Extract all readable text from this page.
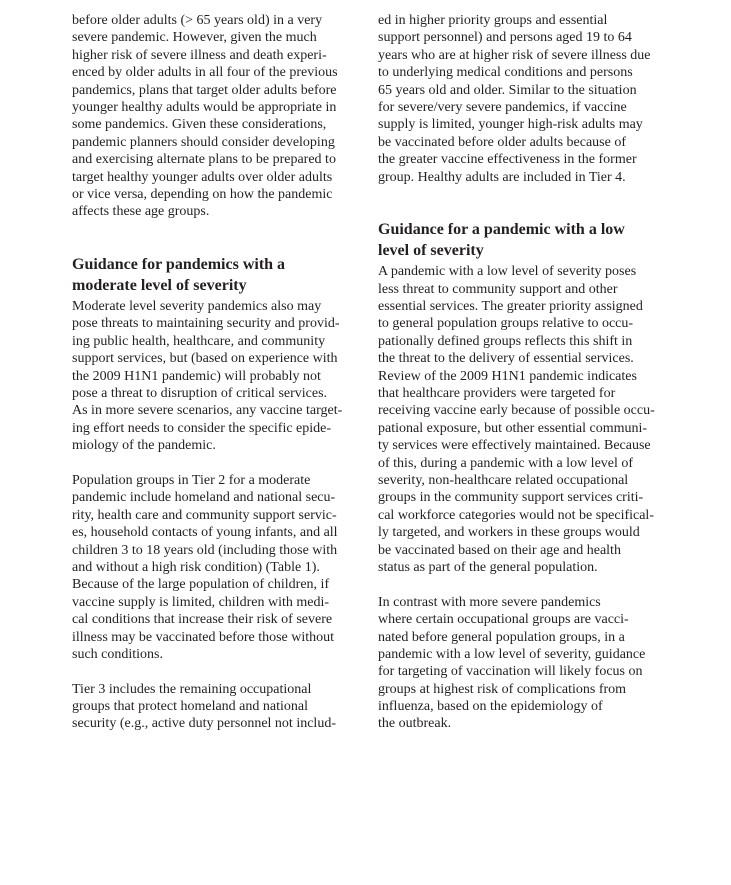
before older adults (> 65 years old) in a very
severe pandemic. However, given the much
higher risk of severe illness and death experi-
enced by older adults in all four of the previous
pandemics, plans that target older adults before
younger healthy adults would be appropriate in
some pandemics. Given these considerations,
pandemic planners should consider developing
and exercising alternate plans to be prepared to
target healthy younger adults over older adults
or vice versa, depending on how the pandemic
affects these age groups.
Guidance for pandemics with a
moderate level of severity
Moderate level severity pandemics also may
pose threats to maintaining security and provid-
ing public health, healthcare, and community
support services, but (based on experience with
the 2009 H1N1 pandemic) will probably not
pose a threat to disruption of critical services.
As in more severe scenarios, any vaccine target-
ing effort needs to consider the specific epide-
miology of the pandemic.
Population groups in Tier 2 for a moderate
pandemic include homeland and national secu-
rity, health care and community support servic-
es, household contacts of young infants, and all
children 3 to 18 years old (including those with
and without a high risk condition) (Table 1).
Because of the large population of children, if
vaccine supply is limited, children with medi-
cal conditions that increase their risk of severe
illness may be vaccinated before those without
such conditions.
Tier 3 includes the remaining occupational
groups that protect homeland and national
security (e.g., active duty personnel not includ-
ed in higher priority groups and essential
support personnel) and persons aged 19 to 64
years who are at higher risk of severe illness due
to underlying medical conditions and persons
65 years old and older. Similar to the situation
for severe/very severe pandemics, if vaccine
supply is limited, younger high-risk adults may
be vaccinated before older adults because of
the greater vaccine effectiveness in the former
group. Healthy adults are included in Tier 4.
Guidance for a pandemic with a low
level of severity
A pandemic with a low level of severity poses
less threat to community support and other
essential services. The greater priority assigned
to general population groups relative to occu-
pationally defined groups reflects this shift in
the threat to the delivery of essential services.
Review of the 2009 H1N1 pandemic indicates
that healthcare providers were targeted for
receiving vaccine early because of possible occu-
pational exposure, but other essential communi-
ty services were effectively maintained. Because
of this, during a pandemic with a low level of
severity, non-healthcare related occupational
groups in the community support services criti-
cal workforce categories would not be specifical-
ly targeted, and workers in these groups would
be vaccinated based on their age and health
status as part of the general population.
In contrast with more severe pandemics
where certain occupational groups are vacci-
nated before general population groups, in a
pandemic with a low level of severity, guidance
for targeting of vaccination will likely focus on
groups at highest risk of complications from
influenza, based on the epidemiology of
the outbreak.
